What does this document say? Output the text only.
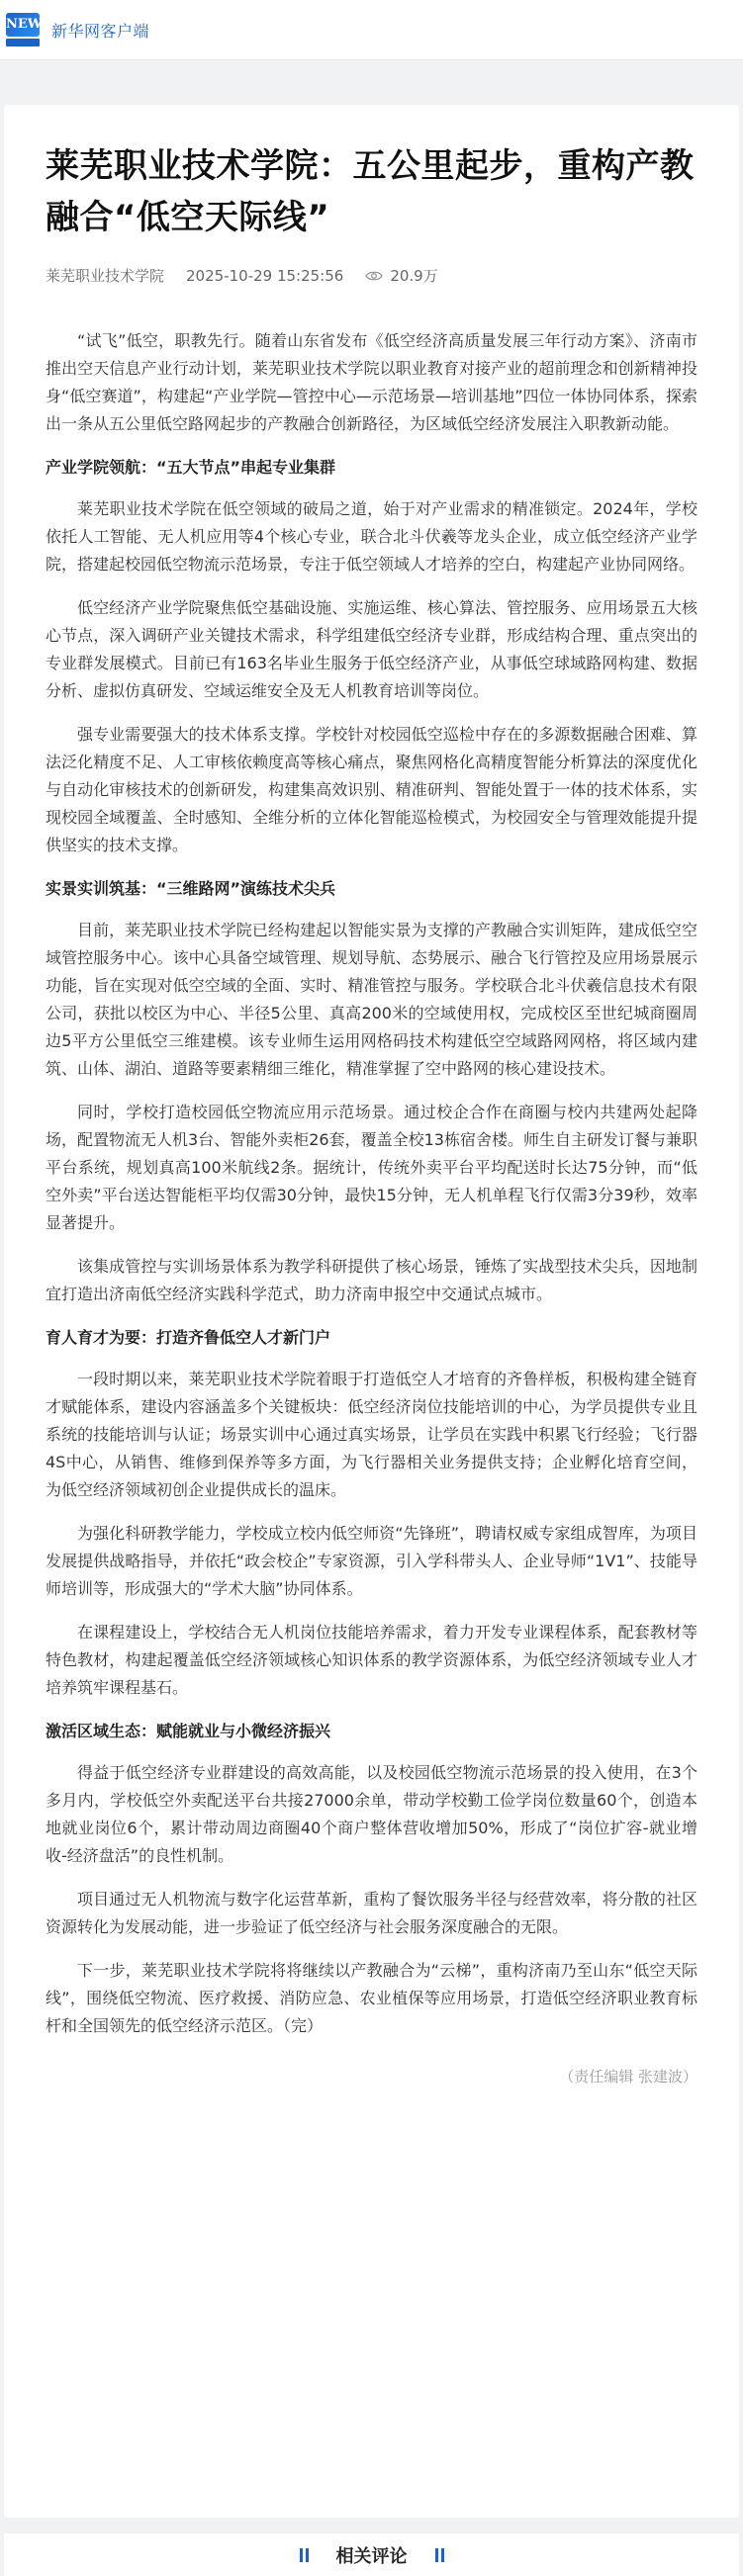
NEW 新华网客户端
莱芜职业技术学院：五公里起步，重构产教融合“低空天际线”
莱芜职业技术学院 2025-10-29 15:25:56	20.9万

“试飞”低空，职教先行。随着山东省发布《低空经济高质量发展三年行动方案》、济南市推出空天信息产业行动计划，莱芜职业技术学院以职业教育对接产业的超前理念和创新精神投身“低空赛道”，构建起“产业学院—管控中心—示范场景—培训基地”四位一体协同体系，探索出一条从五公里低空路网起步的产教融合创新路径，为区域低空经济发展注入职教新动能。

产业学院领航：“五大节点”串起专业集群

莱芜职业技术学院在低空领域的破局之道，始于对产业需求的精准锁定。2024年，学校依托人工智能、无人机应用等4个核心专业，联合北斗伏羲等龙头企业，成立低空经济产业学院，搭建起校园低空物流示范场景，专注于低空领域人才培养的空白，构建起产业协同网络。

低空经济产业学院聚焦低空基础设施、实施运维、核心算法、管控服务、应用场景五大核心节点，深入调研产业关键技术需求，科学组建低空经济专业群，形成结构合理、重点突出的专业群发展模式。目前已有163名毕业生服务于低空经济产业，从事低空球域路网构建、数据分析、虚拟仿真研发、空域运维安全及无人机教育培训等岗位。

强专业需要强大的技术体系支撑。学校针对校园低空巡检中存在的多源数据融合困难、算法泛化精度不足、人工审核依赖度高等核心痛点，聚焦网格化高精度智能分析算法的深度优化与自动化审核技术的创新研发，构建集高效识别、精准研判、智能处置于一体的技术体系，实现校园全域覆盖、全时感知、全维分析的立体化智能巡检模式，为校园安全与管理效能提升提供坚实的技术支撑。

实景实训筑基：“三维路网”演练技术尖兵

目前，莱芜职业技术学院已经构建起以智能实景为支撑的产教融合实训矩阵，建成低空空域管控服务中心。该中心具备空域管理、规划导航、态势展示、融合飞行管控及应用场景展示功能，旨在实现对低空空域的全面、实时、精准管控与服务。学校联合北斗伏羲信息技术有限公司，获批以校区为中心、半径5公里、真高200米的空域使用权，完成校区至世纪城商圈周边5平方公里低空三维建模。该专业师生运用网格码技术构建低空空域路网网格，将区域内建筑、山体、湖泊、道路等要素精细三维化，精准掌握了空中路网的核心建设技术。

同时，学校打造校园低空物流应用示范场景。通过校企合作在商圈与校内共建两处起降场，配置物流无人机3台、智能外卖柜26套，覆盖全校13栋宿舍楼。师生自主研发订餐与兼职平台系统，规划真高100米航线2条。据统计，传统外卖平台平均配送时长达75分钟，而“低空外卖”平台送达智能柜平均仅需30分钟，最快15分钟，无人机单程飞行仅需3分39秒，效率显著提升。

该集成管控与实训场景体系为教学科研提供了核心场景，锤炼了实战型技术尖兵，因地制宜打造出济南低空经济实践科学范式，助力济南申报空中交通试点城市。

育人育才为要：打造齐鲁低空人才新门户

一段时期以来，莱芜职业技术学院着眼于打造低空人才培育的齐鲁样板，积极构建全链育才赋能体系，建设内容涵盖多个关键板块：低空经济岗位技能培训的中心，为学员提供专业且系统的技能培训与认证；场景实训中心通过真实场景，让学员在实践中积累飞行经验；飞行器4S中心，从销售、维修到保养等多方面，为飞行器相关业务提供支持；企业孵化培育空间，为低空经济领域初创企业提供成长的温床。

为强化科研教学能力，学校成立校内低空师资“先锋班”，聘请权威专家组成智库，为项目发展提供战略指导，并依托“政会校企”专家资源，引入学科带头人、企业导师“1V1”、技能导师培训等，形成强大的“学术大脑”协同体系。

在课程建设上，学校结合无人机岗位技能培养需求，着力开发专业课程体系，配套教材等特色教材，构建起覆盖低空经济领域核心知识体系的教学资源体系，为低空经济领域专业人才培养筑牢课程基石。

激活区域生态：赋能就业与小微经济振兴

得益于低空经济专业群建设的高效高能，以及校园低空物流示范场景的投入使用，在3个多月内，学校低空外卖配送平台共接27000余单，带动学校勤工俭学岗位数量60个，创造本地就业岗位6个，累计带动周边商圈40个商户整体营收增加50%，形成了“岗位扩容-就业增收-经济盘活”的良性机制。

项目通过无人机物流与数字化运营革新，重构了餐饮服务半径与经营效率，将分散的社区资源转化为发展动能，进一步验证了低空经济与社会服务深度融合的无限。

下一步，莱芜职业技术学院将将继续以产教融合为“云梯”，重构济南乃至山东“低空天际线”，围绕低空物流、医疗救援、消防应急、农业植保等应用场景，打造低空经济职业教育标杆和全国领先的低空经济示范区。（完）

（责任编辑 张建波）
相关评论
